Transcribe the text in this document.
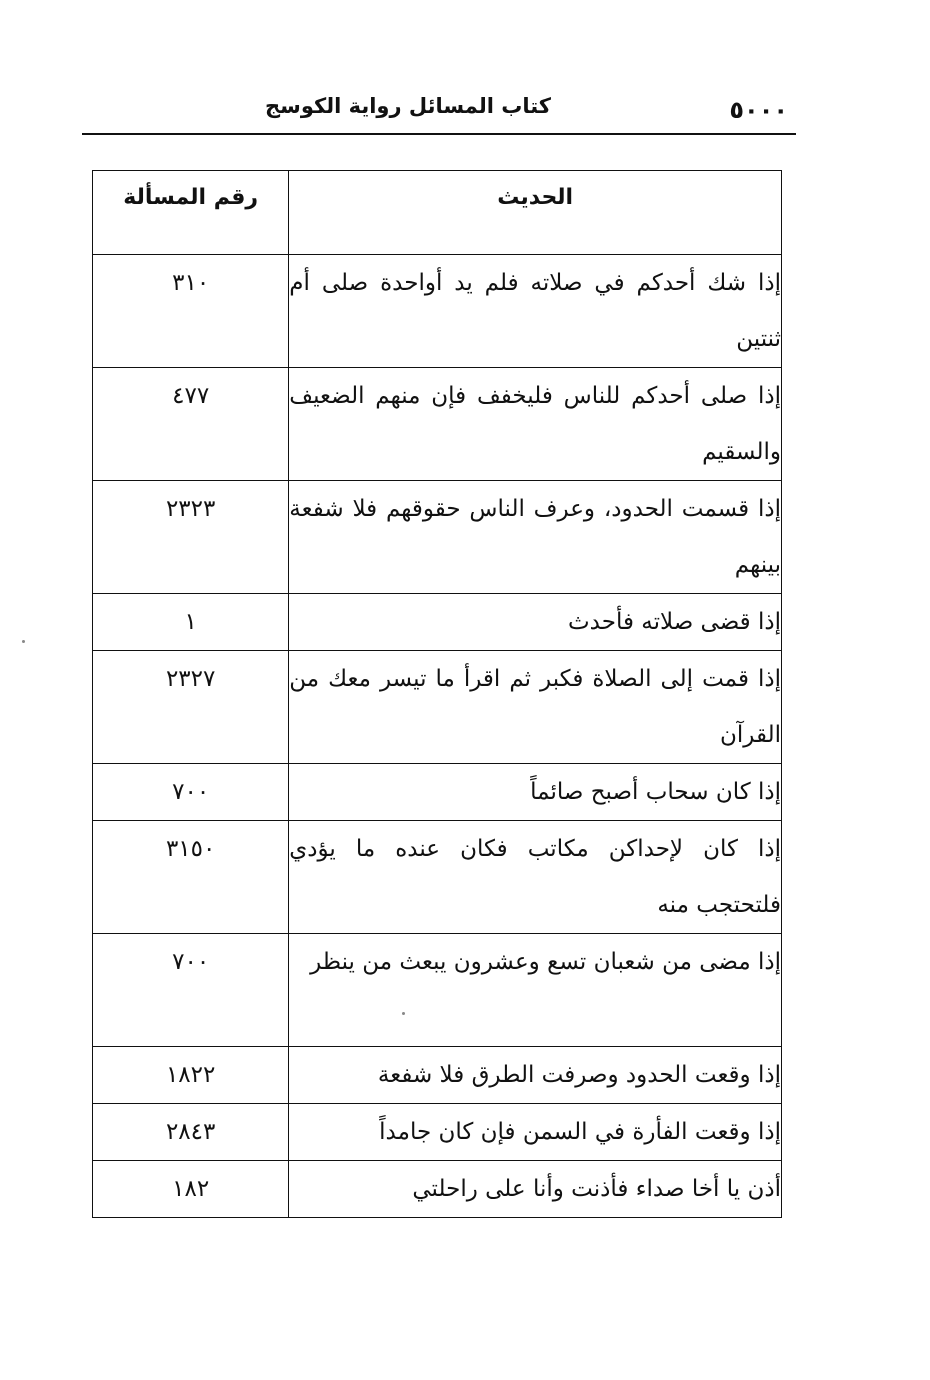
٥٠٠٠
كتاب المسائل رواية الكوسج
الحديث	رقم المسألة
إذا شك أحدكم في صلاته فلم يد أواحدة صلى أم ثنتين	٣١٠
إذا صلى أحدكم للناس فليخفف فإن منهم الضعيف والسقيم	٤٧٧
إذا قسمت الحدود، وعرف الناس حقوقهم فلا شفعة بينهم	٢٣٢٣
إذا قضى صلاته فأحدث	١
إذا قمت إلى الصلاة فكبر ثم اقرأ ما تيسر معك من القرآن	٢٣٢٧
إذا كان سحاب أصبح صائماً	٧٠٠
إذا كان لإحداكن مكاتب فكان عنده ما يؤدي فلتحتجب منه	٣١٥٠
إذا مضى من شعبان تسع وعشرون يبعث من ينظر	٧٠٠
إذا وقعت الحدود وصرفت الطرق فلا شفعة	١٨٢٢
إذا وقعت الفأرة في السمن فإن كان جامداً	٢٨٤٣
أذن يا أخا صداء فأذنت وأنا على راحلتي	١٨٢
